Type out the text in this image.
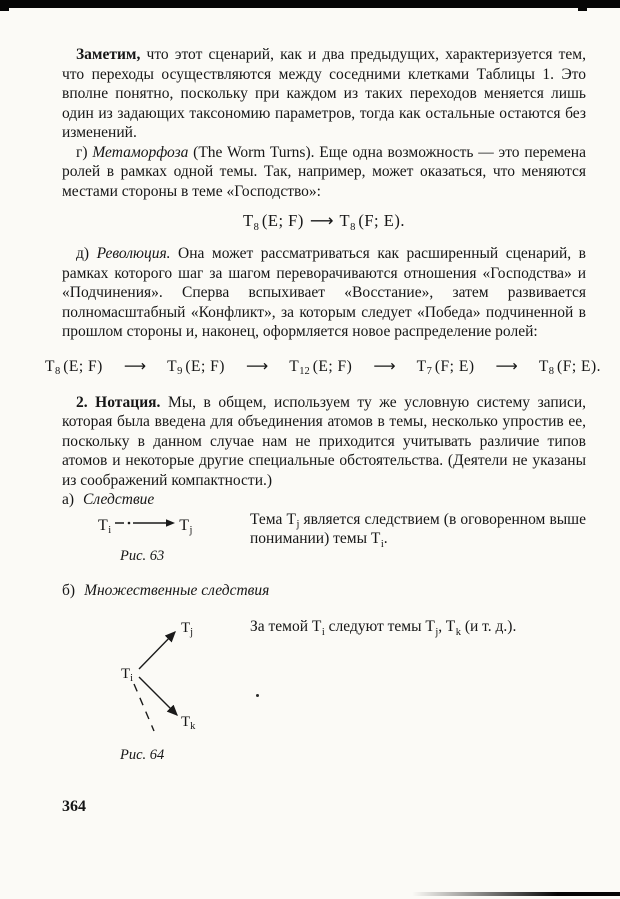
Заметим, что этот сценарий, как и два предыдущих, характеризуется тем, что переходы осуществляются между соседними клетками Таблицы 1. Это вполне понятно, поскольку при каждом из таких переходов меняется лишь один из задающих таксономию параметров, тогда как остальные остаются без изменений.

г) Метаморфоза (The Worm Turns). Еще одна возможность — это перемена ролей в рамках одной темы. Так, например, может оказаться, что меняются местами стороны в теме «Господство»:

$T_8$ (E; F) ⟶ $T_8$ (F; E).

д) Революция. Она может рассматриваться как расширенный сценарий, в рамках которого шаг за шагом переворачиваются отношения «Господства» и «Подчинения». Сперва вспыхивает «Восстание», затем развивается полномасштабный «Конфликт», за которым следует «Победа» подчиненной в прошлом стороны и, наконец, оформляется новое распределение ролей:

$T_8$ (E; F) ⟶ $T_9$ (E; F) ⟶ $T_{12}$ (E; F) ⟶ $T_7$ (F; E) ⟶ $T_8$ (F; E).

2. Нотация. Мы, в общем, используем ту же условную систему записи, которая была введена для объединения атомов в темы, несколько упростив ее, поскольку в данном случае нам не приходится учитывать различие типов атомов и некоторые другие специальные обстоятельства. (Деятели не указаны из соображений компактности.)

а) Следствие

$T_i$	$T_j$
Рис. 63
Тема $T_j$ является следствием (в оговоренном выше понимании) темы $T_i$.

б) Множественные следствия

$T_i$
$T_j$
$T_k$
Рис. 64
За темой $T_i$ следуют темы $T_j$, $T_k$ (и т. д.).
364
